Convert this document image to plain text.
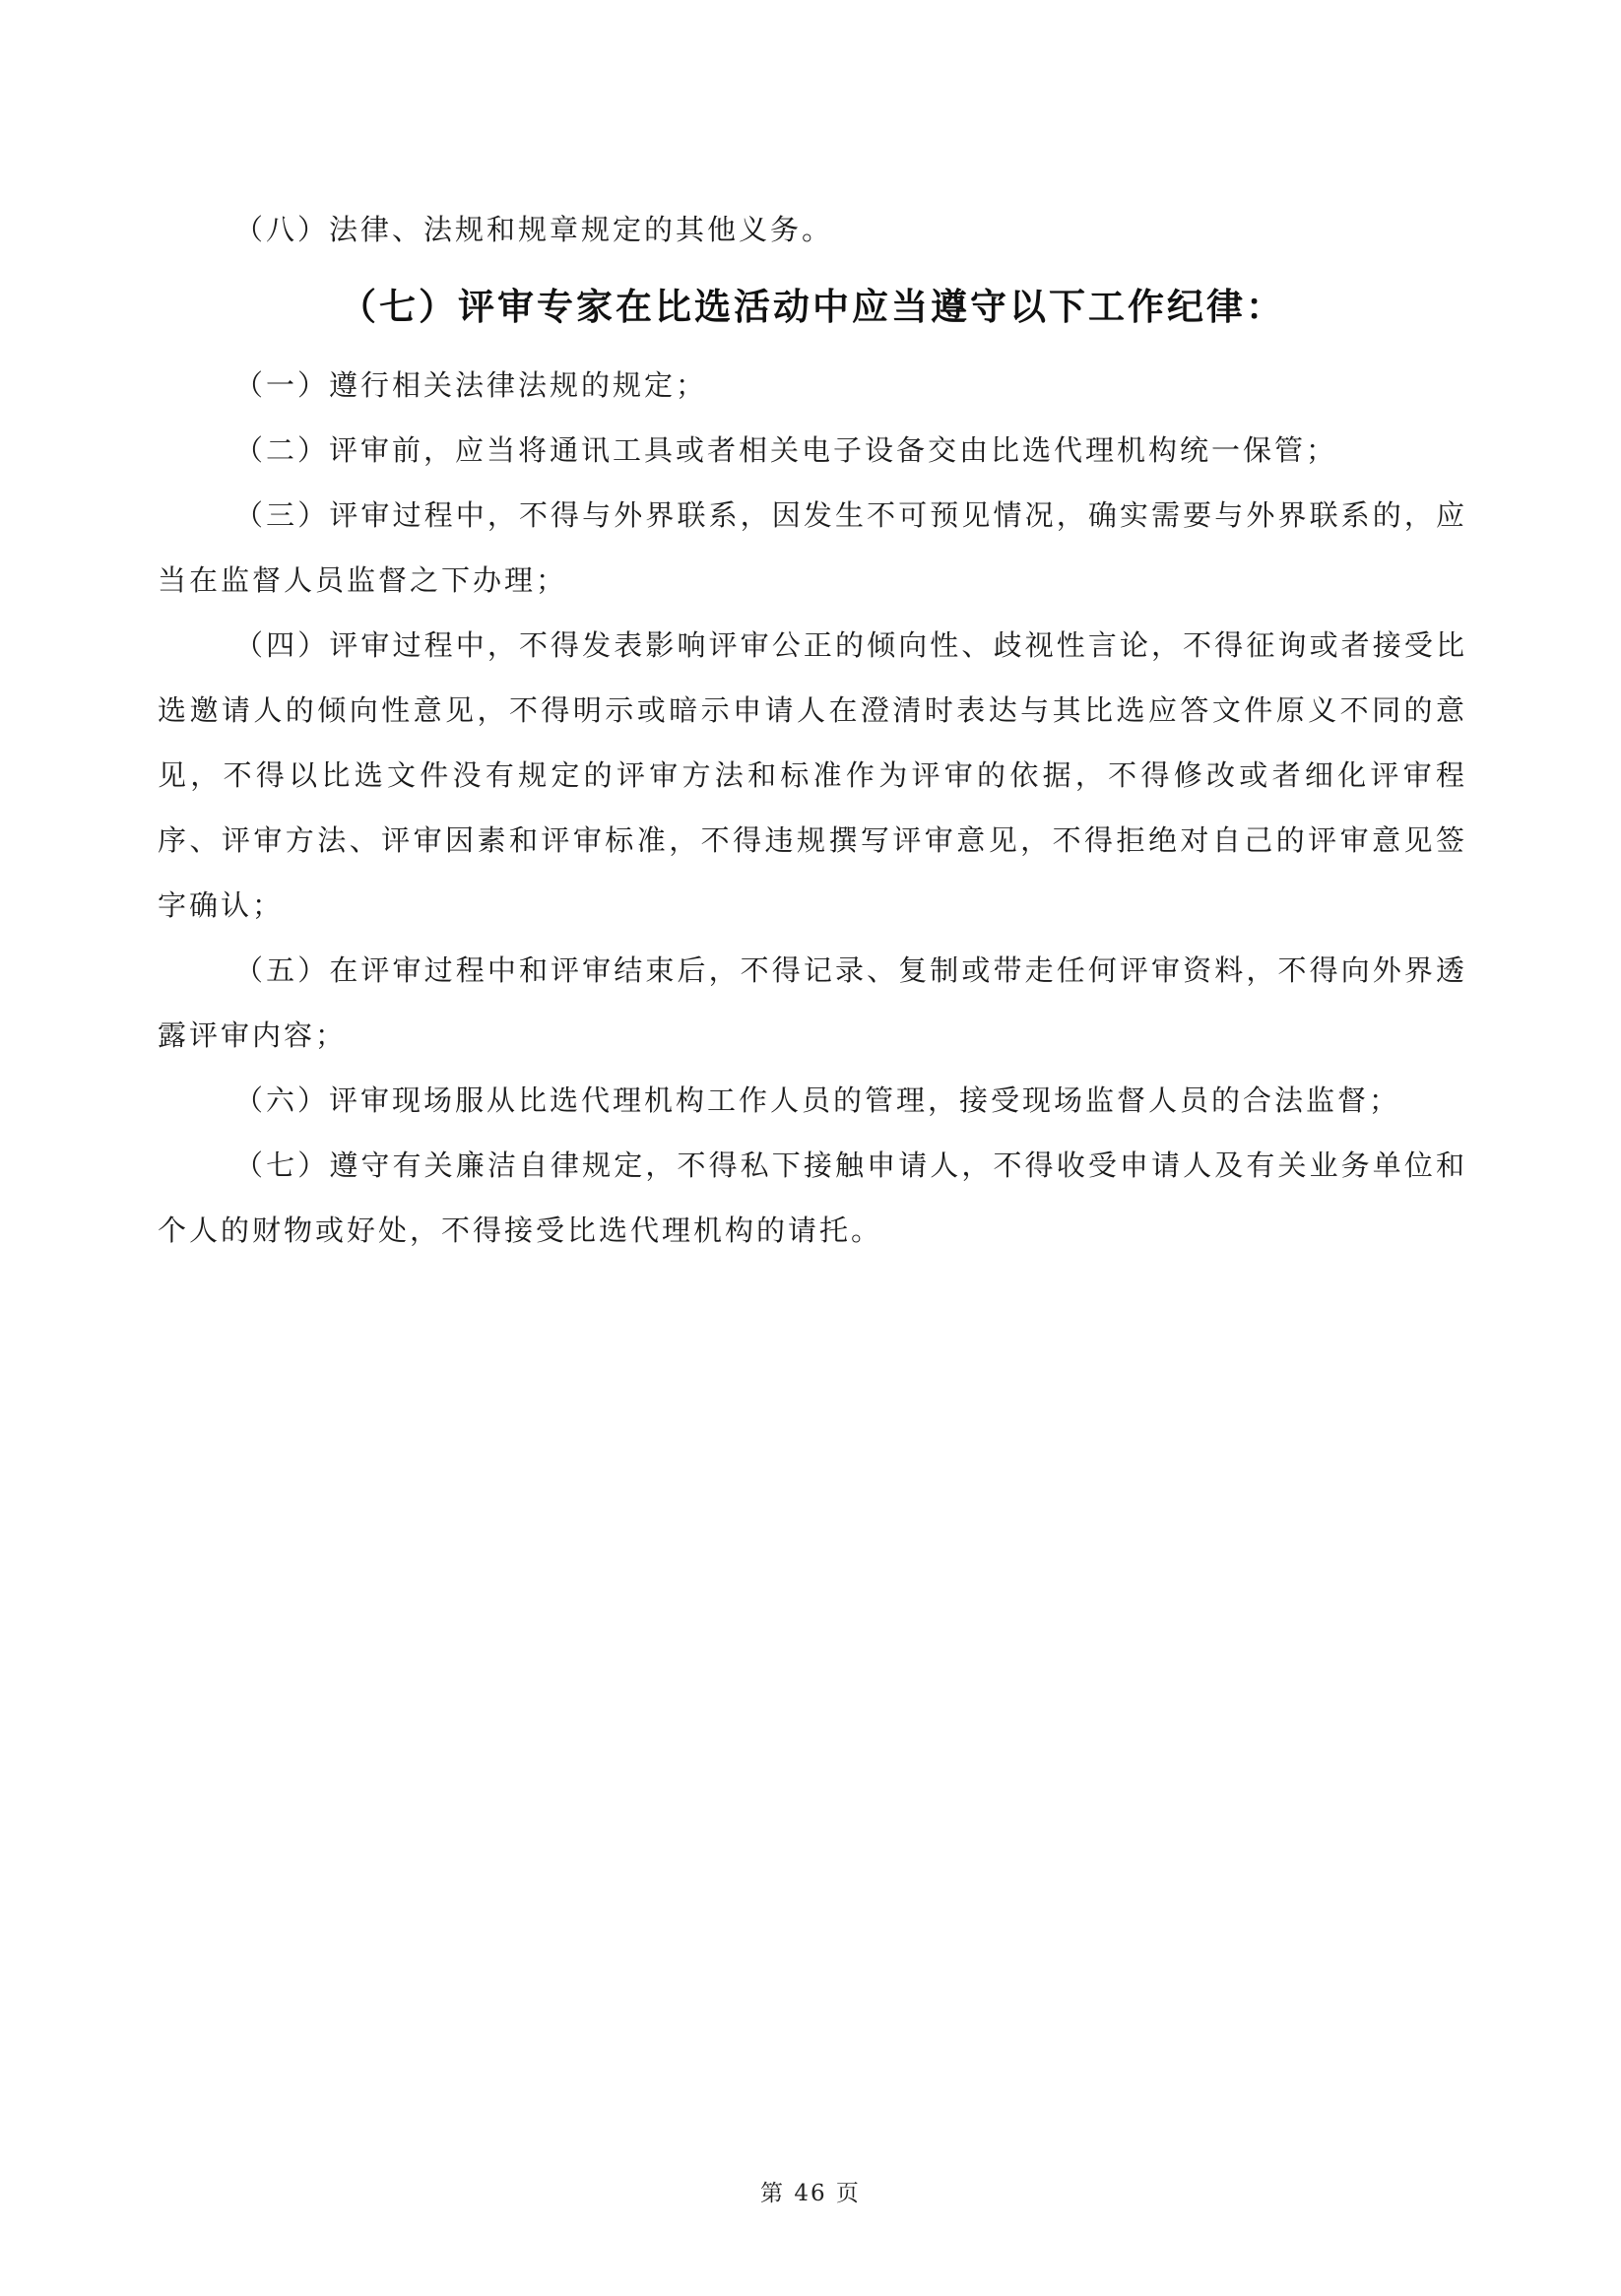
（八）法律、法规和规章规定的其他义务。

（七）评审专家在比选活动中应当遵守以下工作纪律：

（一）遵行相关法律法规的规定；

（二）评审前，应当将通讯工具或者相关电子设备交由比选代理机构统一保管；

（三）评审过程中，不得与外界联系，因发生不可预见情况，确实需要与外界联系的，应当在监督人员监督之下办理；

（四）评审过程中，不得发表影响评审公正的倾向性、歧视性言论，不得征询或者接受比选邀请人的倾向性意见，不得明示或暗示申请人在澄清时表达与其比选应答文件原义不同的意见，不得以比选文件没有规定的评审方法和标准作为评审的依据，不得修改或者细化评审程序、评审方法、评审因素和评审标准，不得违规撰写评审意见，不得拒绝对自己的评审意见签字确认；

（五）在评审过程中和评审结束后，不得记录、复制或带走任何评审资料，不得向外界透露评审内容；

（六）评审现场服从比选代理机构工作人员的管理，接受现场监督人员的合法监督；

（七）遵守有关廉洁自律规定，不得私下接触申请人，不得收受申请人及有关业务单位和个人的财物或好处，不得接受比选代理机构的请托。

第 46 页
